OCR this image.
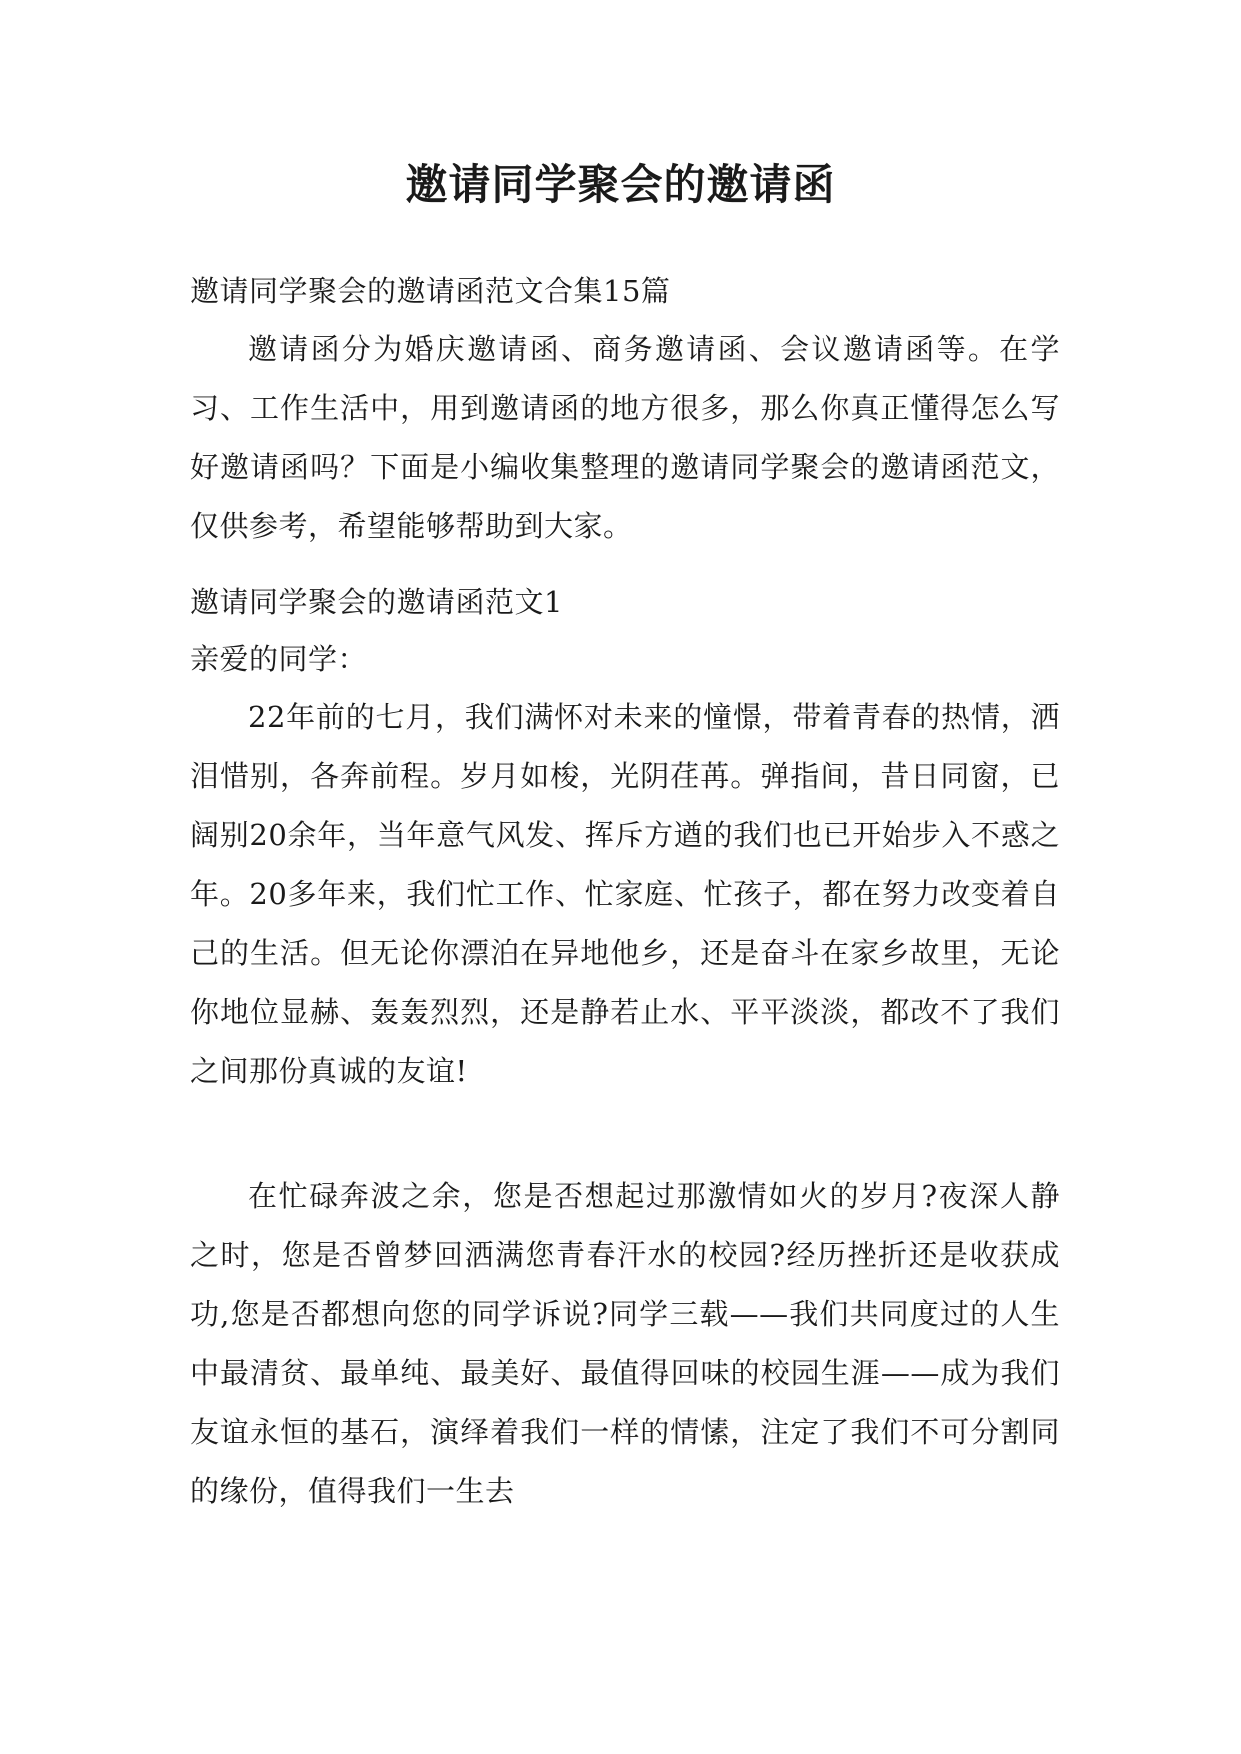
邀请同学聚会的邀请函

邀请同学聚会的邀请函范文合集15篇

邀请函分为婚庆邀请函、商务邀请函、会议邀请函等。在学习、工作生活中，用到邀请函的地方很多，那么你真正懂得怎么写好邀请函吗？下面是小编收集整理的邀请同学聚会的邀请函范文，仅供参考，希望能够帮助到大家。

邀请同学聚会的邀请函范文1

亲爱的同学：

22年前的七月，我们满怀对未来的憧憬，带着青春的热情，洒泪惜别，各奔前程。岁月如梭，光阴荏苒。弹指间，昔日同窗，已阔别20余年，当年意气风发、挥斥方遒的我们也已开始步入不惑之年。20多年来，我们忙工作、忙家庭、忙孩子，都在努力改变着自己的生活。但无论你漂泊在异地他乡，还是奋斗在家乡故里，无论你地位显赫、轰轰烈烈，还是静若止水、平平淡淡，都改不了我们之间那份真诚的友谊!

在忙碌奔波之余，您是否想起过那激情如火的岁月?夜深人静之时，您是否曾梦回洒满您青春汗水的校园?经历挫折还是收获成功,您是否都想向您的同学诉说?同学三载——我们共同度过的人生中最清贫、最单纯、最美好、最值得回味的校园生涯——成为我们友谊永恒的基石，演绎着我们一样的情愫，注定了我们不可分割同的缘份，值得我们一生去
